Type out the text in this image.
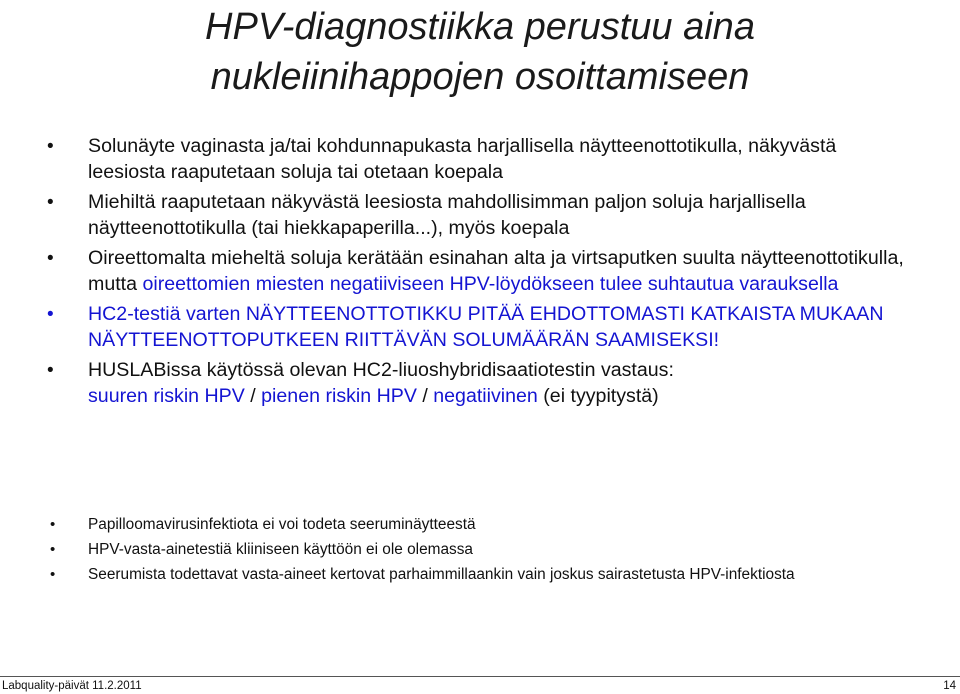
HPV-diagnostiikka perustuu aina
nukleiinihappojen osoittamiseen
• Solunäyte vaginasta ja/tai kohdunnapukasta harjallisella näytteenottotikulla, näkyvästä leesiosta raaputetaan soluja tai otetaan koepala
• Miehiltä raaputetaan näkyvästä leesiosta mahdollisimman paljon soluja harjallisella näytteenottotikulla (tai hiekkapaperilla...), myös koepala
• Oireettomalta mieheltä soluja kerätään esinahan alta ja virtsaputken suulta näytteenottotikulla, mutta oireettomien miesten negatiiviseen HPV-löydökseen tulee suhtautua varauksella
• HC2-testiä varten NÄYTTEENOTTOTIKKU PITÄÄ EHDOTTOMASTI KATKAISTA MUKAAN NÄYTTEENOTTOPUTKEEN RIITTÄVÄN SOLUMÄÄRÄN SAAMISEKSI!
• HUSLABissa käytössä olevan HC2-liuoshybridisaatiotestin vastaus:
suuren riskin HPV / pienen riskin HPV / negatiivinen (ei tyypitystä)
• Papilloomavirusinfektiota ei voi todeta seeruminäytteestä
• HPV-vasta-ainetestiä kliiniseen käyttöön ei ole olemassa
• Seerumista todettavat vasta-aineet kertovat parhaimmillaankin vain joskus sairastetusta HPV-infektiosta
Labquality-päivät 11.2.2011	14
